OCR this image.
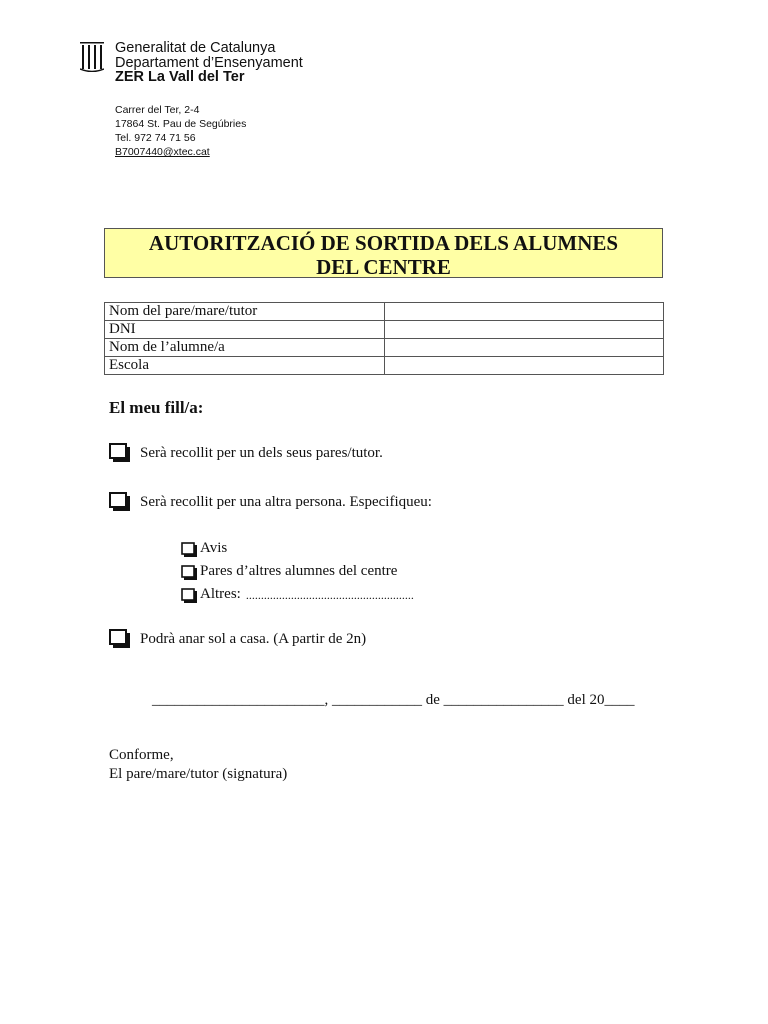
Generalitat de Catalunya
Departament d’Ensenyament
ZER La Vall del Ter
Carrer del Ter, 2-4
17864 St. Pau de Segúbries
Tel. 972 74 71 56
B7007440@xtec.cat
AUTORITZACIÓ DE SORTIDA DELS ALUMNES
DEL CENTRE
Nom del pare/mare/tutor	
DNI	
Nom de l’alumne/a	
Escola	
El meu fill/a:
Serà recollit per un dels seus pares/tutor.
Serà recollit per una altra persona. Especifiqueu:
Avis
Pares d’altres alumnes del centre
Altres: ........................................................
Podrà anar sol a casa. (A partir de 2n)
_______________________, ____________ de ________________ del 20____
Conforme,
El pare/mare/tutor (signatura)
